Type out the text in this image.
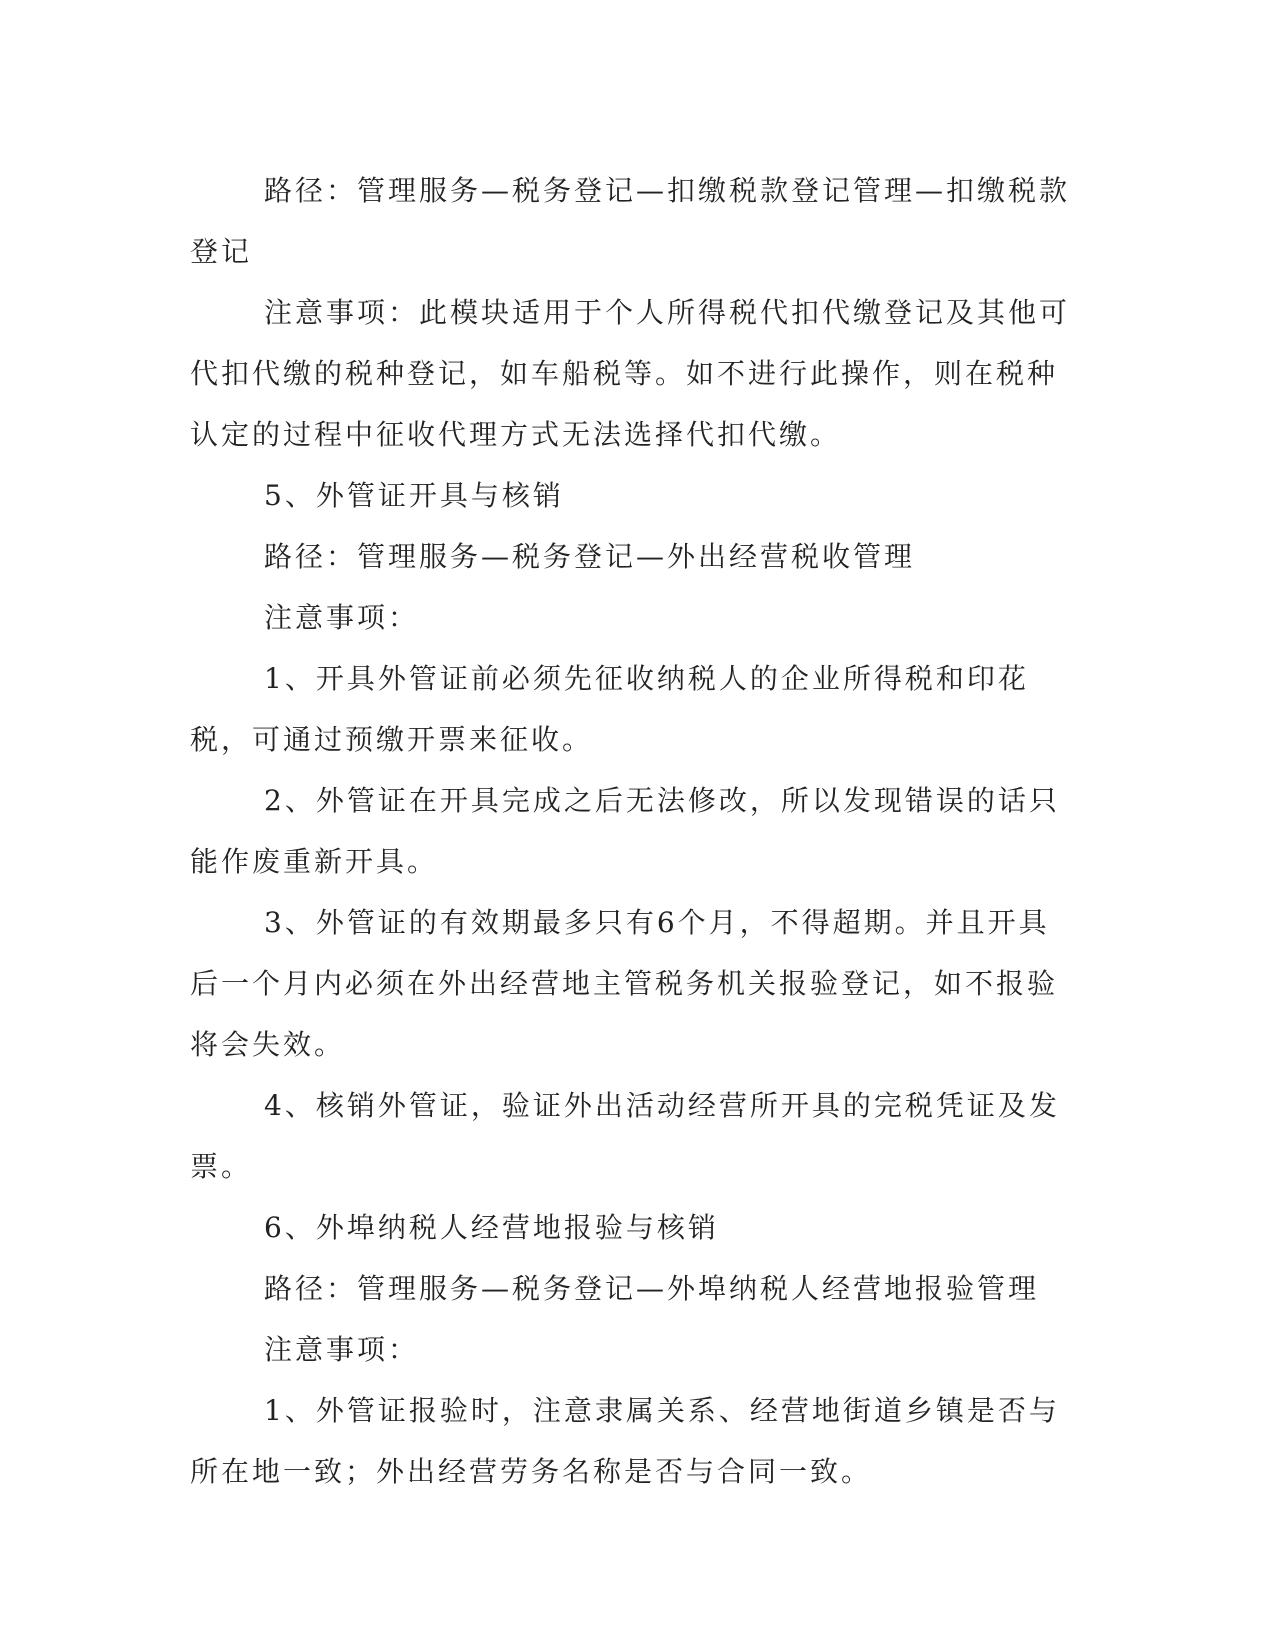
路径：管理服务—税务登记—扣缴税款登记管理—扣缴税款登记

注意事项：此模块适用于个人所得税代扣代缴登记及其他可代扣代缴的税种登记，如车船税等。如不进行此操作，则在税种认定的过程中征收代理方式无法选择代扣代缴。

5、外管证开具与核销

路径：管理服务—税务登记—外出经营税收管理

注意事项：

1、开具外管证前必须先征收纳税人的企业所得税和印花税，可通过预缴开票来征收。

2、外管证在开具完成之后无法修改，所以发现错误的话只能作废重新开具。

3、外管证的有效期最多只有6个月，不得超期。并且开具后一个月内必须在外出经营地主管税务机关报验登记，如不报验将会失效。

4、核销外管证，验证外出活动经营所开具的完税凭证及发票。

6、外埠纳税人经营地报验与核销

路径：管理服务—税务登记—外埠纳税人经营地报验管理

注意事项：

1、外管证报验时，注意隶属关系、经营地街道乡镇是否与所在地一致；外出经营劳务名称是否与合同一致。
